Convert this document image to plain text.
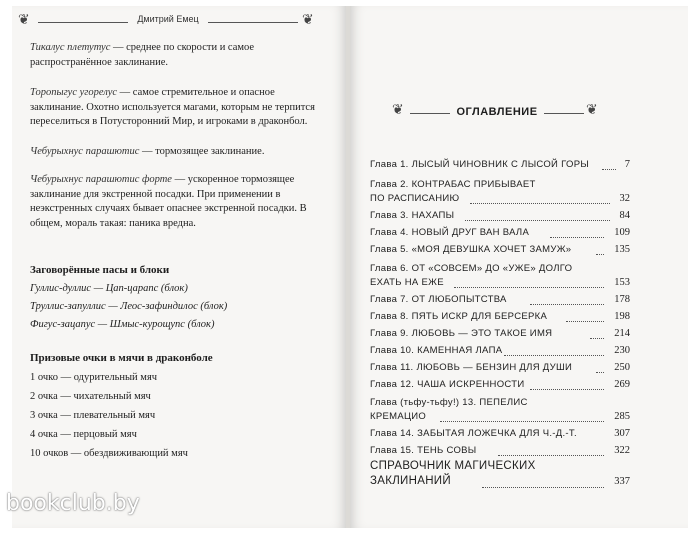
❦	Дмитрий Емец	❦
Тикалус плетутус — среднее по скорости и самое распространённое заклинание.
Торопыгус угорелус — самое стремительное и опасное заклинание. Охотно используется магами, которым не терпится переселиться в Потусторонний Мир, и игроками в драконбол.
Чебурыхнус парашютис — тормозящее заклинание.
Чебурыхнус парашютис форте — ускоренное тормозящее заклинание для экстренной посадки. При применении в неэкстренных случаях бывает опаснее экстренной посадки. В общем, мораль такая: паника вредна.
Заговорённые пасы и блоки
Гуллис-дуллис — Цап-царапс (блок)
Труллис-запуллис — Леос-зафиндилос (блок)
Фигус-зацапус — Шмыс-курощупс (блок)
Призовые очки в мячи в драконболе
1 очко — одурительный мяч
2 очка — чихательный мяч
3 очка — плевательный мяч
4 очка — перцовый мяч
10 очков — обездвиживающий мяч
❦	ОГЛАВЛЕНИЕ	❦
Глава 1. ЛЫСЫЙ ЧИНОВНИК С ЛЫСОЙ ГОРЫ	7
Глава 2. КОНТРАБАС ПРИБЫВАЕТ
ПО РАСПИСАНИЮ	32
Глава 3. НАХАПЫ	84
Глава 4. НОВЫЙ ДРУГ ВАН ВАЛА	109
Глава 5. «МОЯ ДЕВУШКА ХОЧЕТ ЗАМУЖ»	135
Глава 6. ОТ «СОВСЕМ» ДО «УЖЕ» ДОЛГО
ЕХАТЬ НА ЕЖЕ	153
Глава 7. ОТ ЛЮБОПЫТСТВА	178
Глава 8. ПЯТЬ ИСКР ДЛЯ БЕРСЕРКА	198
Глава 9. ЛЮБОВЬ — ЭТО ТАКОЕ ИМЯ	214
Глава 10. КАМЕННАЯ ЛАПА	230
Глава 11. ЛЮБОВЬ — БЕНЗИН ДЛЯ ДУШИ	250
Глава 12. ЧАША ИСКРЕННОСТИ	269
Глава (тьфу-тьфу!) 13. ПЕПЕЛИС
КРЕМАЦИО	285
Глава 14. ЗАБЫТАЯ ЛОЖЕЧКА ДЛЯ Ч.-Д.-Т.	307
Глава 15. ТЕНЬ СОВЫ	322
СПРАВОЧНИК МАГИЧЕСКИХ
ЗАКЛИНАНИЙ	337
bookclub.by
